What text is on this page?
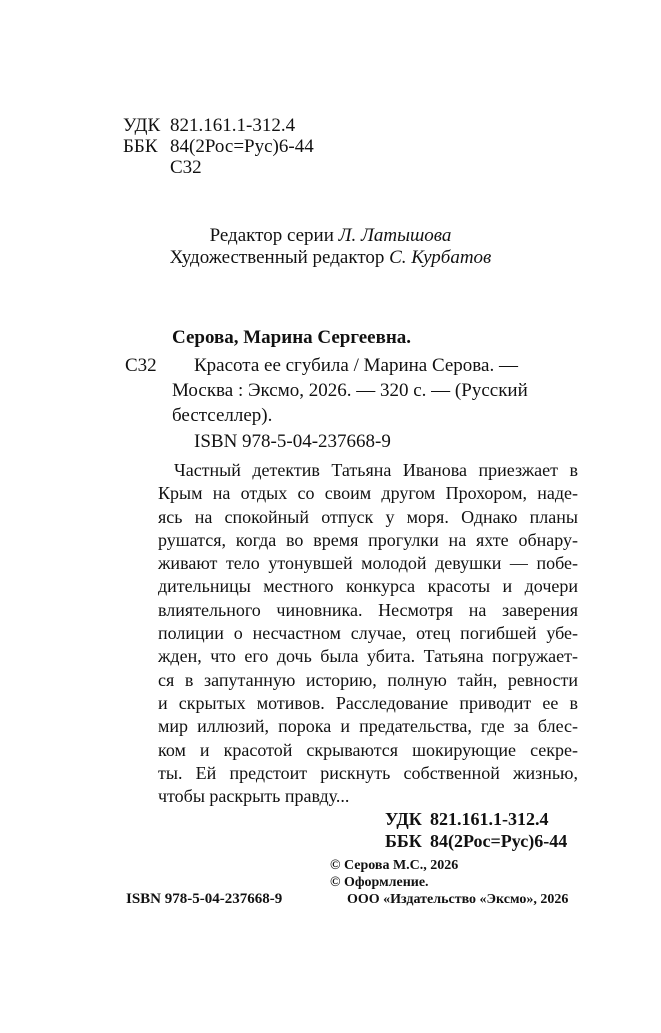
УДК 821.161.1-312.4
ББК 84(2Рос=Рус)6-44
С32
Редактор серии Л. Латышова
Художественный редактор С. Курбатов
Серова, Марина Сергеевна.
С32 Красота ее сгубила / Марина Серова. —
Москва : Эксмо, 2026. — 320 с. — (Русский
бестселлер).
ISBN 978-5-04-237668-9
Частный детектив Татьяна Иванова приезжает в
Крым на отдых со своим другом Прохором, наде-
ясь на спокойный отпуск у моря. Однако планы
рушатся, когда во время прогулки на яхте обнару-
живают тело утонувшей молодой девушки — побе-
дительницы местного конкурса красоты и дочери
влиятельного чиновника. Несмотря на заверения
полиции о несчастном случае, отец погибшей убе-
жден, что его дочь была убита. Татьяна погружает-
ся в запутанную историю, полную тайн, ревности
и скрытых мотивов. Расследование приводит ее в
мир иллюзий, порока и предательства, где за блес-
ком и красотой скрываются шокирующие секре-
ты. Ей предстоит рискнуть собственной жизнью,
чтобы раскрыть правду...
УДК 821.161.1-312.4
ББК 84(2Рос=Рус)6-44
ISBN 978-5-04-237668-9
© Серова М.С., 2026
© Оформление.
ООО «Издательство «Эксмо», 2026
